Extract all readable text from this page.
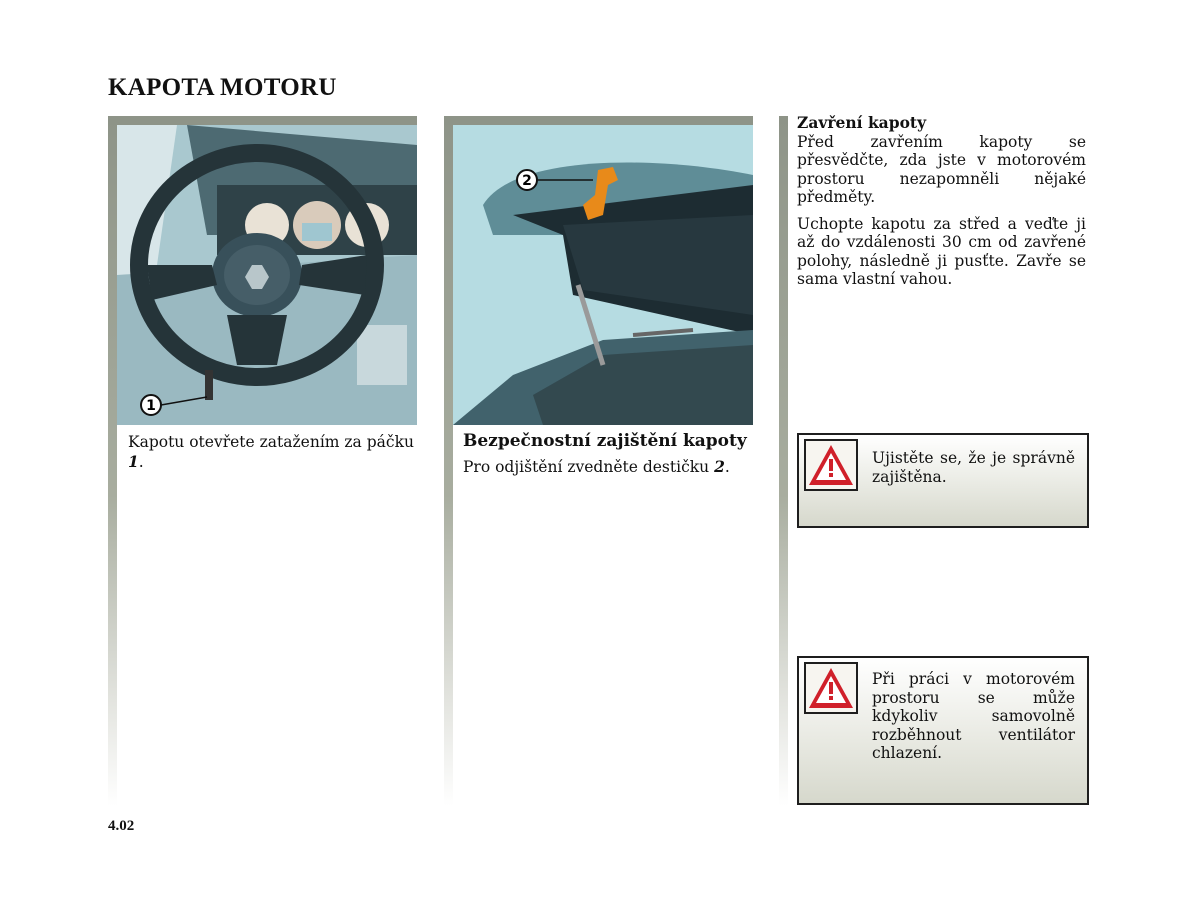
KAPOTA MOTORU
1
Kapotu otevřete zatažením za páčku 1.
2
Bezpečnostní zajištění kapoty
Pro odjištění zvedněte destičku 2.
Zavření kapoty
Před zavřením kapoty se přesvědčte, zda jste v motorovém prostoru nezapomněli nějaké předměty.
Uchopte kapotu za střed a veďte ji až do vzdálenosti 30 cm od zavřené polohy, následně ji pusťte. Zavře se sama vlastní vahou.
Ujistěte se, že je správně zajištěna.
Při práci v motorovém prostoru se může kdykoliv samovolně rozběhnout ventilátor chlazení.
4.02
